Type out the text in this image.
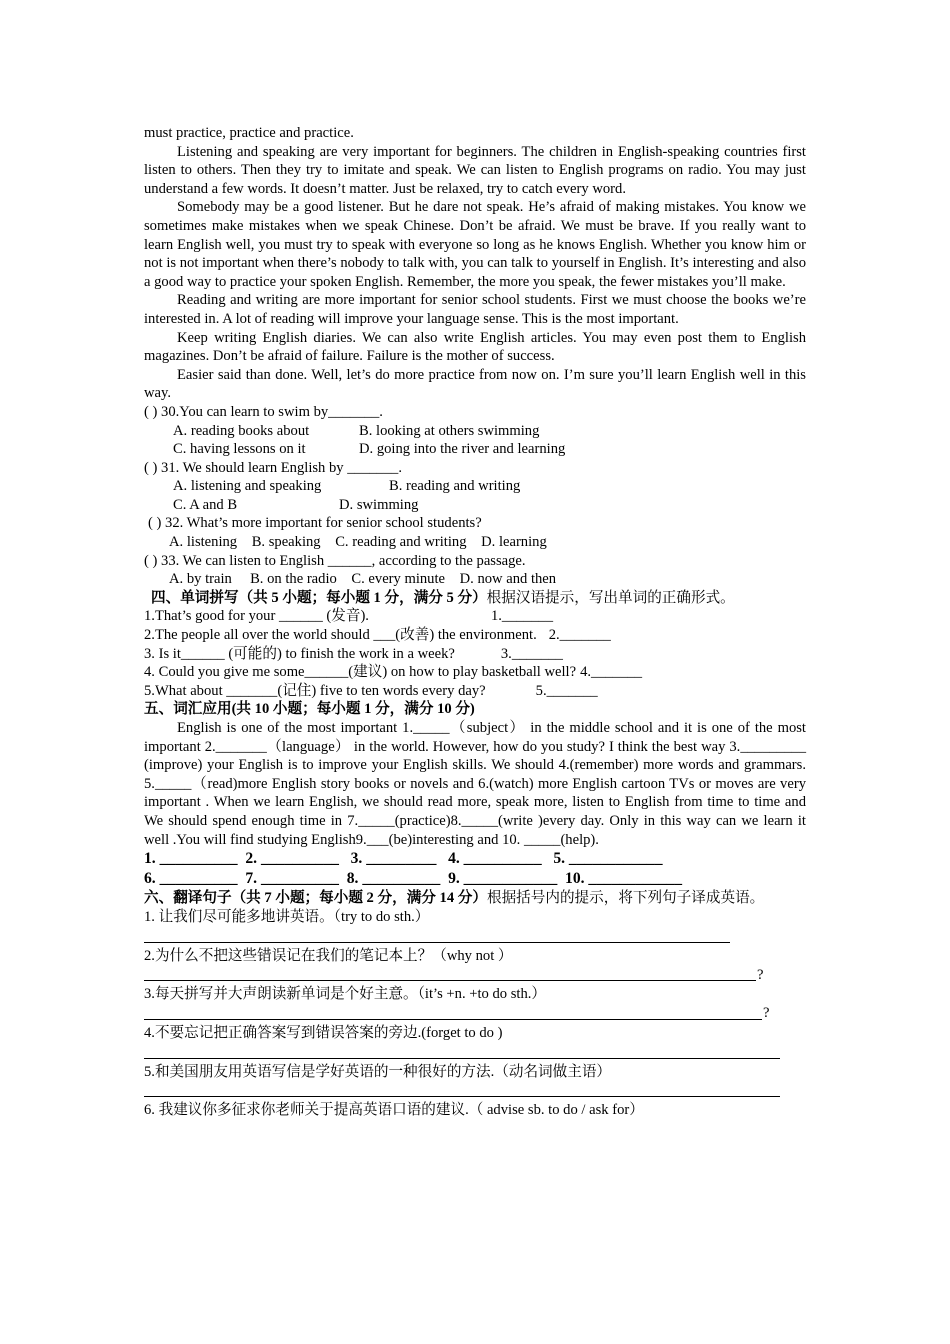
must practice, practice and practice.

Listening and speaking are very important for beginners. The children in English-speaking countries first listen to others. Then they try to imitate and speak. We can listen to English programs on radio. You may just understand a few words. It doesn’t matter. Just be relaxed, try to catch every word.

Somebody may be a good listener. But he dare not speak. He’s afraid of making mistakes. You know we sometimes make mistakes when we speak Chinese. Don’t be afraid. We must be brave. If you really want to learn English well, you must try to speak with everyone so long as he knows English. Whether you know him or not is not important when there’s nobody to talk with, you can talk to yourself in English. It’s interesting and also a good way to practice your spoken English. Remember, the more you speak, the fewer mistakes you’ll make.

Reading and writing are more important for senior school students. First we must choose the books we’re interested in. A lot of reading will improve your language sense. This is the most important.

Keep writing English diaries. We can also write English articles. You may even post them to English magazines. Don’t be afraid of failure. Failure is the mother of success.

Easier said than done. Well, let’s do more practice from now on. I’m sure you’ll learn English well in this way.

( ) 30.You can learn to swim by_______.

A. reading books about	B. looking at others swimming

C. having lessons on it	D. going into the river and learning

( ) 31. We should learn English by _______.

A. listening and speaking	B. reading and writing

C. A and B	D. swimming

( ) 32. What’s more important for senior school students?

A. listening    B. speaking    C. reading and writing    D. learning

( ) 33. We can listen to English ______, according to the passage.

A. by train     B. on the radio    C. every minute    D. now and then

四、单词拼写（共 5 小题；每小题 1 分，满分 5 分）根据汉语提示，写出单词的正确形式。

1.That’s good for your ______ (发音).	1._______

2.The people all over the world should ___(改善) the environment. 2._______

3. Is it______ (可能的) to finish the work in a week?	3._______

4. Could you give me some______(建议) on how to play basketball well? 4._______

5.What about _______(记住) five to ten words every day?	5._______

五、词汇应用(共 10 小题；每小题 1 分，满分 10 分)

English is one of the most important 1._____（subject） in the middle school and it is one of the most important 2._______（language） in the world. However, how do you study? I think the best way 3._________ (improve) your English is to improve your English skills. We should 4.(remember) more words and grammars. 5._____（read)more English story books or novels and 6.(watch) more English cartoon TVs or moves are very important . When we learn English, we should read more, speak more, listen to English from time to time and We should spend enough time in 7._____(practice)8._____(write )every day. Only in this way can we learn it well .You will find studying English9.___(be)interesting and 10. _____(help).

1. __________  2. __________   3. _________   4. __________   5. ____________

6. __________  7. __________  8. __________  9. ____________  10. ____________

六、翻译句子（共 7 小题；每小题 2 分，满分 14 分）根据括号内的提示，将下列句子译成英语。

1. 让我们尽可能多地讲英语。（try to do sth.）

2.为什么不把这些错误记在我们的笔记本上？（why not ）

?

3.每天拼写并大声朗读新单词是个好主意。（it’s +n. +to do sth.）

?

4.不要忘记把正确答案写到错误答案的旁边.(forget to do )

5.和美国朋友用英语写信是学好英语的一种很好的方法.（动名词做主语）

6. 我建议你多征求你老师关于提高英语口语的建议.（ advise sb. to do / ask for）
